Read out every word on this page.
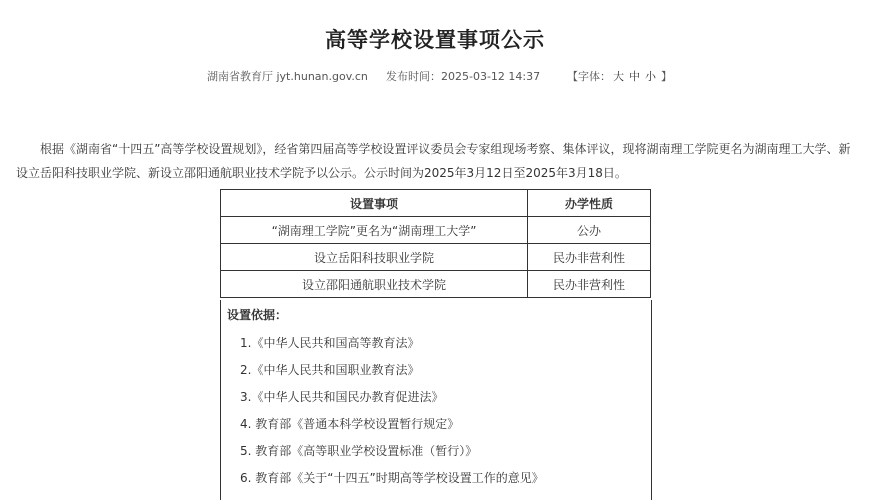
高等学校设置事项公示
湖南省教育厅 jyt.hunan.gov.cn 发布时间：2025-03-12 14:37 【字体： 大 中 小 】

根据《湖南省“十四五”高等学校设置规划》，经省第四届高等学校设置评议委员会专家组现场考察、集体评议，现将湖南理工学院更名为湖南理工大学、新设立岳阳科技职业学院、新设立邵阳通航职业技术学院予以公示。公示时间为2025年3月12日至2025年3月18日。

设置事项	办学性质
“湖南理工学院”更名为“湖南理工大学”	公办
设立岳阳科技职业学院	民办非营利性
设立邵阳通航职业技术学院	民办非营利性
设置依据：
1.《中华人民共和国高等教育法》
2.《中华人民共和国职业教育法》
3.《中华人民共和国民办教育促进法》
4. 教育部《普通本科学校设置暂行规定》
5. 教育部《高等职业学校设置标准（暂行）》
6. 教育部《关于“十四五”时期高等学校设置工作的意见》
